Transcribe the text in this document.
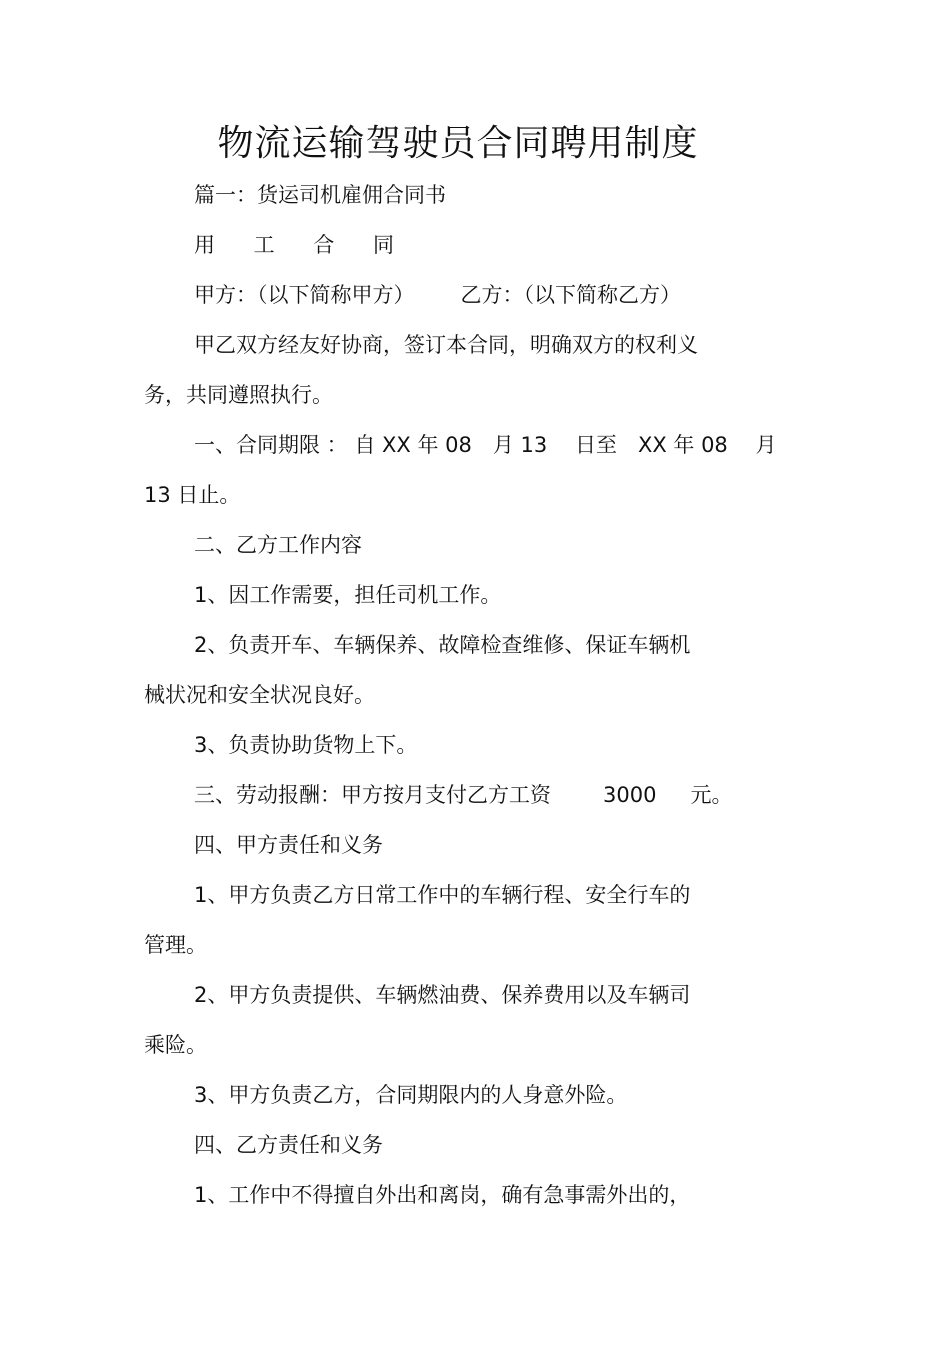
物流运输驾驶员合同聘用制度
篇一：货运司机雇佣合同书
用 工 合 同
甲方：（以下简称甲方） 乙方：（以下简称乙方）
甲乙双方经友好协商，签订本合同，明确双方的权利义
务，共同遵照执行。
一、合同期限 ： 自 XX 年 08　月 13　 日至　XX 年 08　 月
13 日止。
二、乙方工作内容
1、因工作需要，担任司机工作。
2、负责开车、车辆保养、故障检查维修、保证车辆机
械状况和安全状况良好。
3、负责协助货物上下。
三、劳动报酬：甲方按月支付乙方工资 3000 元。
四、甲方责任和义务
1、甲方负责乙方日常工作中的车辆行程、安全行车的
管理。
2、甲方负责提供、车辆燃油费、保养费用以及车辆司
乘险。
3、甲方负责乙方，合同期限内的人身意外险。
四、乙方责任和义务
1、工作中不得擅自外出和离岗，确有急事需外出的，
